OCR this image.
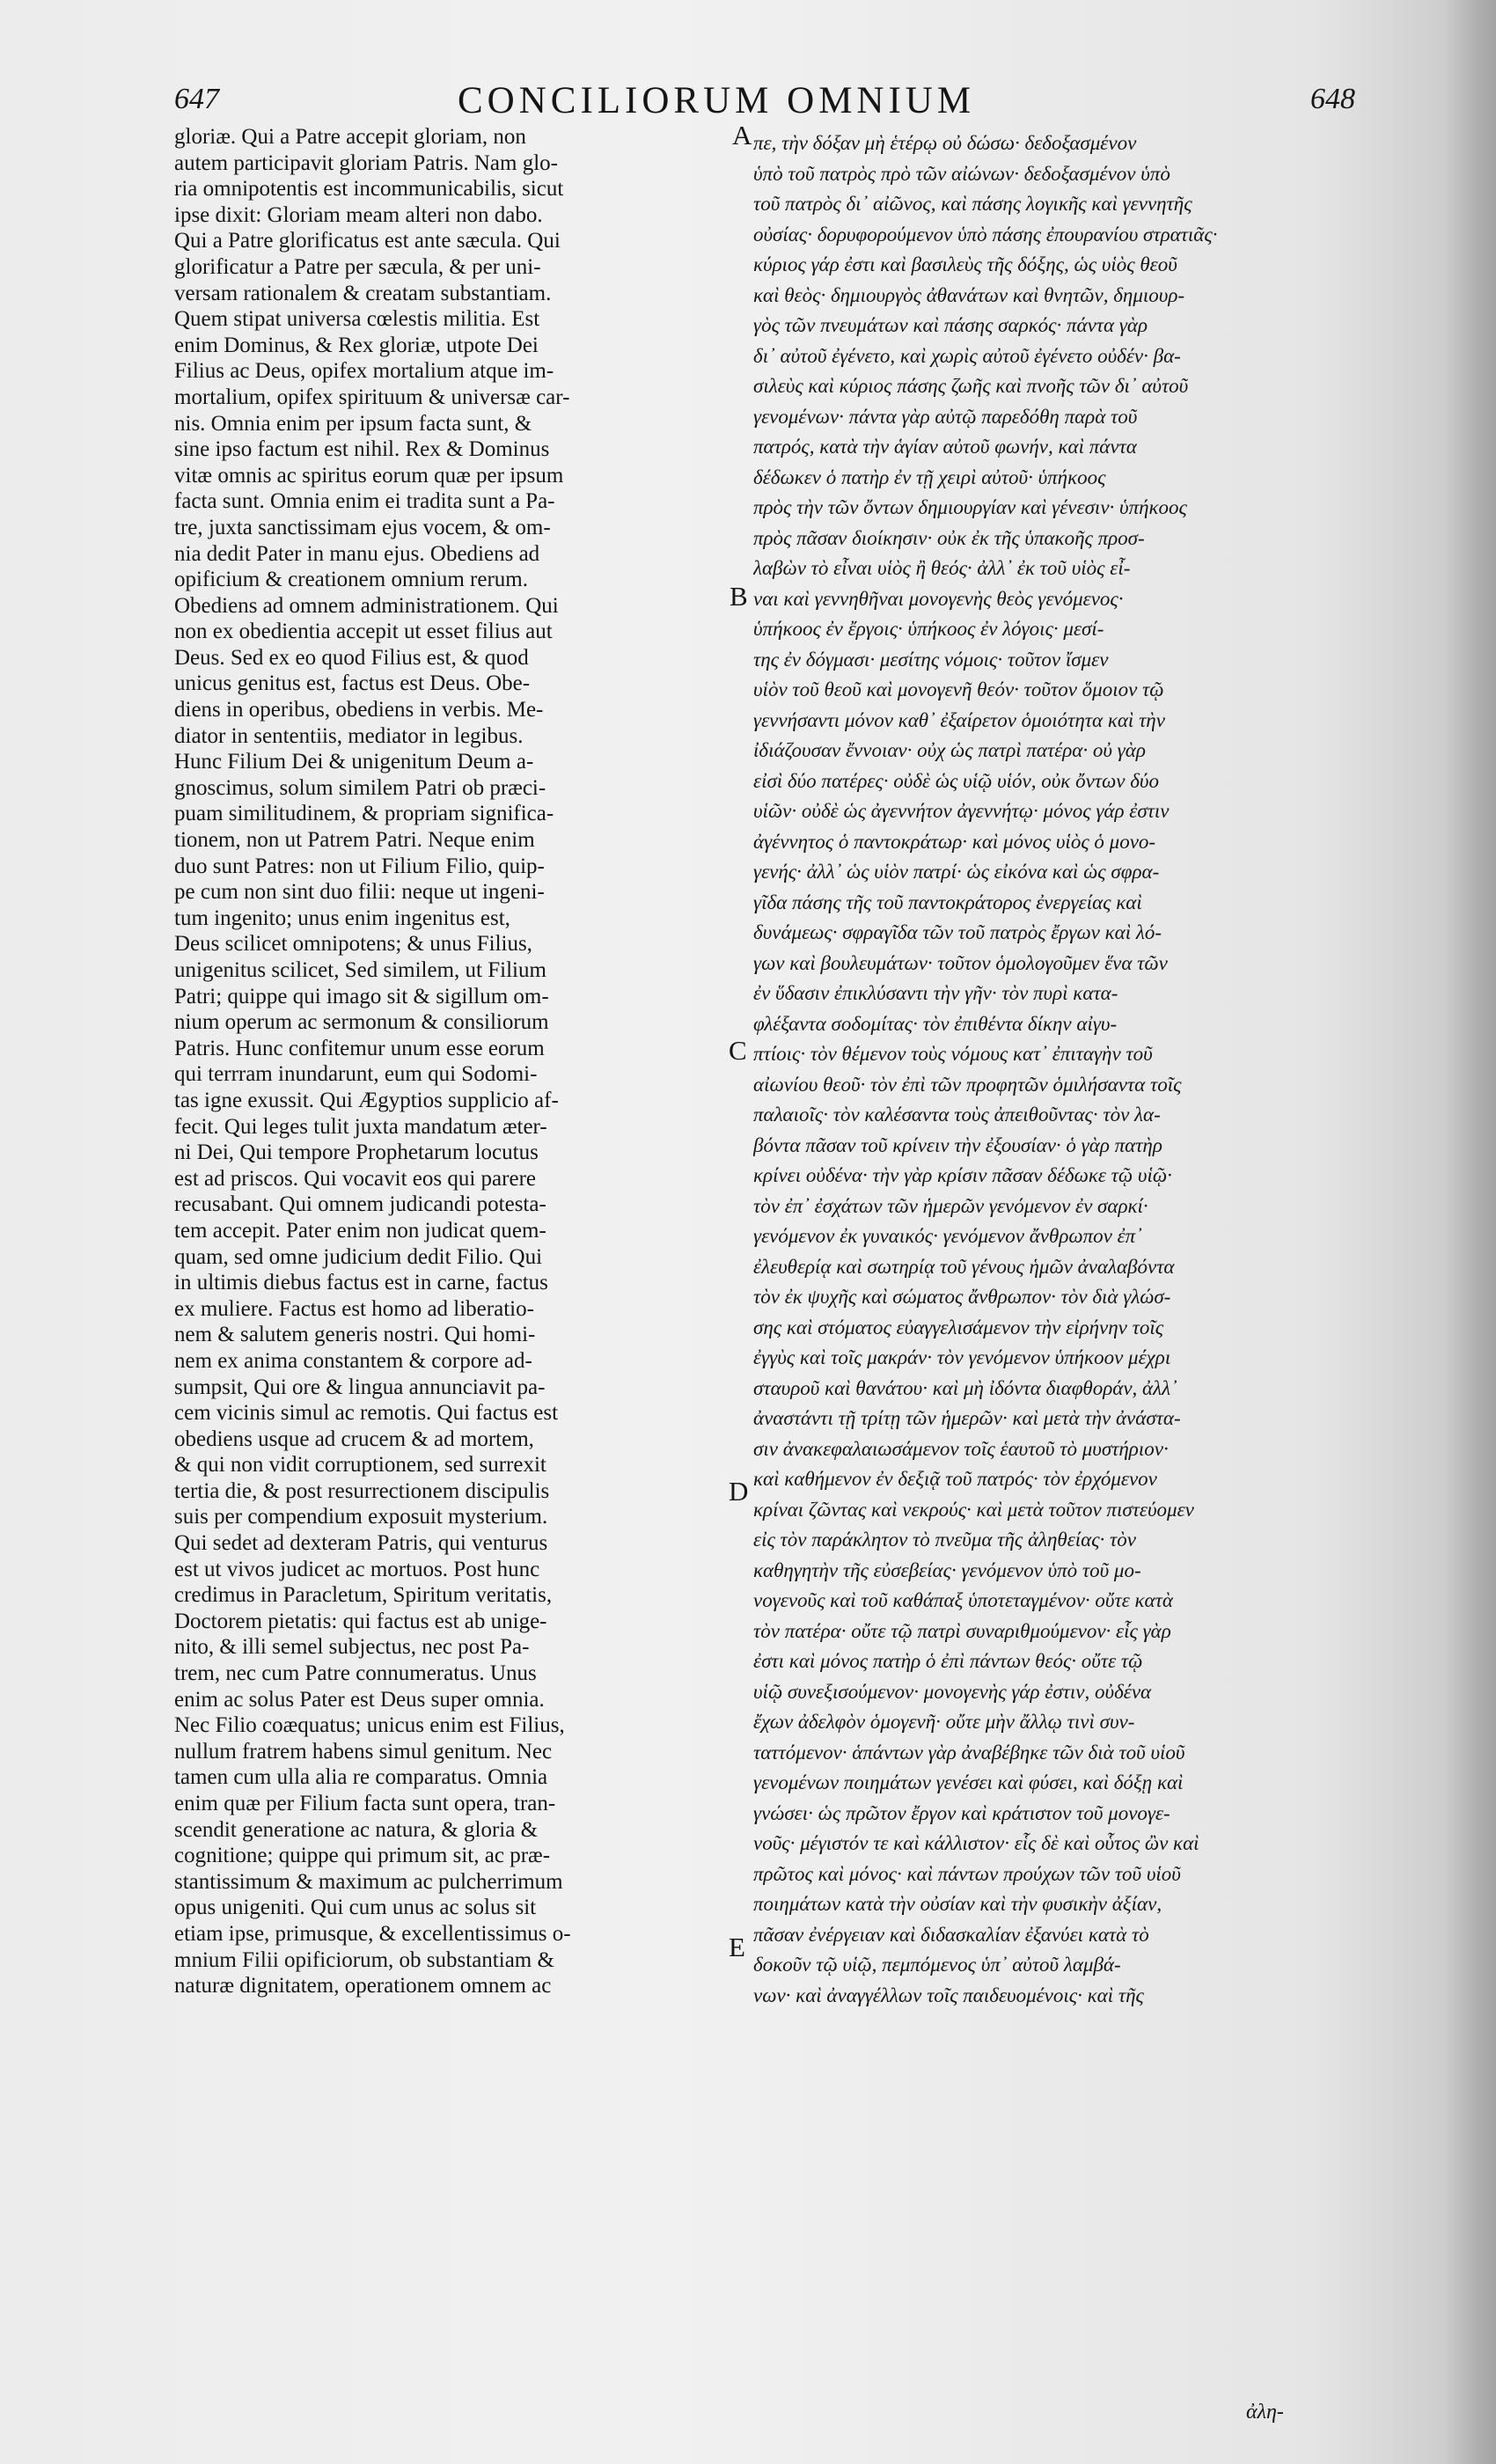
647	CONCILIORUM OMNIUM	648
gloriæ. Qui a Patre accepit gloriam, non
autem participavit gloriam Patris. Nam glo-
ria omnipotentis est incommunicabilis, sicut
ipse dixit: Gloriam meam alteri non dabo.
Qui a Patre glorificatus est ante sæcula. Qui
glorificatur a Patre per sæcula, & per uni-
versam rationalem & creatam substantiam.
Quem stipat universa cœlestis militia. Est
enim Dominus, & Rex gloriæ, utpote Dei
Filius ac Deus, opifex mortalium atque im-
mortalium, opifex spirituum & universæ car-
nis. Omnia enim per ipsum facta sunt, &
sine ipso factum est nihil. Rex & Dominus
vitæ omnis ac spiritus eorum quæ per ipsum
facta sunt. Omnia enim ei tradita sunt a Pa-
tre, juxta sanctissimam ejus vocem, & om-
nia dedit Pater in manu ejus. Obediens ad
opificium & creationem omnium rerum.
Obediens ad omnem administrationem. Qui
non ex obedientia accepit ut esset filius aut
Deus. Sed ex eo quod Filius est, & quod
unicus genitus est, factus est Deus. Obe-
diens in operibus, obediens in verbis. Me-
diator in sententiis, mediator in legibus.
Hunc Filium Dei & unigenitum Deum a-
gnoscimus, solum similem Patri ob præci-
puam similitudinem, & propriam significa-
tionem, non ut Patrem Patri. Neque enim
duo sunt Patres: non ut Filium Filio, quip-
pe cum non sint duo filii: neque ut ingeni-
tum ingenito; unus enim ingenitus est,
Deus scilicet omnipotens; & unus Filius,
unigenitus scilicet, Sed similem, ut Filium
Patri; quippe qui imago sit & sigillum om-
nium operum ac sermonum & consiliorum
Patris. Hunc confitemur unum esse eorum
qui terrram inundarunt, eum qui Sodomi-
tas igne exussit. Qui Ægyptios supplicio af-
fecit. Qui leges tulit juxta mandatum æter-
ni Dei, Qui tempore Prophetarum locutus
est ad priscos. Qui vocavit eos qui parere
recusabant. Qui omnem judicandi potesta-
tem accepit. Pater enim non judicat quem-
quam, sed omne judicium dedit Filio. Qui
in ultimis diebus factus est in carne, factus
ex muliere. Factus est homo ad liberatio-
nem & salutem generis nostri. Qui homi-
nem ex anima constantem & corpore ad-
sumpsit, Qui ore & lingua annunciavit pa-
cem vicinis simul ac remotis. Qui factus est
obediens usque ad crucem & ad mortem,
& qui non vidit corruptionem, sed surrexit
tertia die, & post resurrectionem discipulis
suis per compendium exposuit mysterium.
Qui sedet ad dexteram Patris, qui venturus
est ut vivos judicet ac mortuos. Post hunc
credimus in Paracletum, Spiritum veritatis,
Doctorem pietatis: qui factus est ab unige-
nito, & illi semel subjectus, nec post Pa-
trem, nec cum Patre connumeratus. Unus
enim ac solus Pater est Deus super omnia.
Nec Filio coæquatus; unicus enim est Filius,
nullum fratrem habens simul genitum. Nec
tamen cum ulla alia re comparatus. Omnia
enim quæ per Filium facta sunt opera, tran-
scendit generatione ac natura, & gloria &
cognitione; quippe qui primum sit, ac præ-
stantissimum & maximum ac pulcherrimum
opus unigeniti. Qui cum unus ac solus sit
etiam ipse, primusque, & excellentissimus o-
mnium Filii opificiorum, ob substantiam &
naturæ dignitatem, operationem omnem ac
πε, τὴν δόξαν μὴ ἑτέρῳ οὐ δώσω· δεδοξασμένον
ὑπὸ τοῦ πατρὸς πρὸ τῶν αἰώνων· δεδοξασμένον ὑπὸ
τοῦ πατρὸς δι᾽ αἰῶνος, καὶ πάσης λογικῆς καὶ γεννητῆς
οὐσίας· δορυφορούμενον ὑπὸ πάσης ἐπουρανίου στρατιᾶς·
κύριος γάρ ἐστι καὶ βασιλεὺς τῆς δόξης, ὡς υἱὸς θεοῦ
καὶ θεὸς· δημιουργὸς ἀθανάτων καὶ θνητῶν, δημιουρ-
γὸς τῶν πνευμάτων καὶ πάσης σαρκός· πάντα γὰρ
δι᾽ αὐτοῦ ἐγένετο, καὶ χωρὶς αὐτοῦ ἐγένετο οὐδέν· βα-
σιλεὺς καὶ κύριος πάσης ζωῆς καὶ πνοῆς τῶν δι᾽ αὐτοῦ
γενομένων· πάντα γὰρ αὐτῷ παρεδόθη παρὰ τοῦ
πατρός, κατὰ τὴν ἁγίαν αὐτοῦ φωνήν, καὶ πάντα
δέδωκεν ὁ πατὴρ ἐν τῇ χειρὶ αὐτοῦ· ὑπήκοος
πρὸς τὴν τῶν ὄντων δημιουργίαν καὶ γένεσιν· ὑπήκοος
πρὸς πᾶσαν διοίκησιν· οὐκ ἐκ τῆς ὑπακοῆς προσ-
λαβὼν τὸ εἶναι υἱὸς ἢ θεός· ἀλλ᾽ ἐκ τοῦ υἱὸς εἶ-
ναι καὶ γεννηθῆναι μονογενὴς θεὸς γενόμενος·
ὑπήκοος ἐν ἔργοις· ὑπήκοος ἐν λόγοις· μεσί-
της ἐν δόγμασι· μεσίτης νόμοις· τοῦτον ἴσμεν
υἱὸν τοῦ θεοῦ καὶ μονογενῆ θεόν· τοῦτον ὅμοιον τῷ
γεννήσαντι μόνον καθ᾽ ἐξαίρετον ὁμοιότητα καὶ τὴν
ἰδιάζουσαν ἔννοιαν· οὐχ ὡς πατρὶ πατέρα· οὐ γὰρ
εἰσὶ δύο πατέρες· οὐδὲ ὡς υἱῷ υἱόν, οὐκ ὄντων δύο
υἱῶν· οὐδὲ ὡς ἀγεννήτον ἀγεννήτῳ· μόνος γάρ ἐστιν
ἀγέννητος ὁ παντοκράτωρ· καὶ μόνος υἱὸς ὁ μονο-
γενής· ἀλλ᾽ ὡς υἱὸν πατρί· ὡς εἰκόνα καὶ ὡς σφρα-
γῖδα πάσης τῆς τοῦ παντοκράτορος ἐνεργείας καὶ
δυνάμεως· σφραγῖδα τῶν τοῦ πατρὸς ἔργων καὶ λό-
γων καὶ βουλευμάτων· τοῦτον ὁμολογοῦμεν ἕνα τῶν
ἐν ὕδασιν ἐπικλύσαντι τὴν γῆν· τὸν πυρὶ κατα-
φλέξαντα σοδομίτας· τὸν ἐπιθέντα δίκην αἰγυ-
πτίοις· τὸν θέμενον τοὺς νόμους κατ᾽ ἐπιταγὴν τοῦ
αἰωνίου θεοῦ· τὸν ἐπὶ τῶν προφητῶν ὁμιλήσαντα τοῖς
παλαιοῖς· τὸν καλέσαντα τοὺς ἀπειθοῦντας· τὸν λα-
βόντα πᾶσαν τοῦ κρίνειν τὴν ἐξουσίαν· ὁ γὰρ πατὴρ
κρίνει οὐδένα· τὴν γὰρ κρίσιν πᾶσαν δέδωκε τῷ υἱῷ·
τὸν ἐπ᾽ ἐσχάτων τῶν ἡμερῶν γενόμενον ἐν σαρκί·
γενόμενον ἐκ γυναικός· γενόμενον ἄνθρωπον ἐπ᾽
ἐλευθερίᾳ καὶ σωτηρίᾳ τοῦ γένους ἡμῶν ἀναλαβόντα
τὸν ἐκ ψυχῆς καὶ σώματος ἄνθρωπον· τὸν διὰ γλώσ-
σης καὶ στόματος εὐαγγελισάμενον τὴν εἰρήνην τοῖς
ἐγγὺς καὶ τοῖς μακράν· τὸν γενόμενον ὑπήκοον μέχρι
σταυροῦ καὶ θανάτου· καὶ μὴ ἰδόντα διαφθοράν, ἀλλ᾽
ἀναστάντι τῇ τρίτῃ τῶν ἡμερῶν· καὶ μετὰ τὴν ἀνάστα-
σιν ἀνακεφαλαιωσάμενον τοῖς ἑαυτοῦ τὸ μυστήριον·
καὶ καθήμενον ἐν δεξιᾷ τοῦ πατρός· τὸν ἐρχόμενον
κρίναι ζῶντας καὶ νεκρούς· καὶ μετὰ τοῦτον πιστεύομεν
εἰς τὸν παράκλητον τὸ πνεῦμα τῆς ἀληθείας· τὸν
καθηγητὴν τῆς εὐσεβείας· γενόμενον ὑπὸ τοῦ μο-
νογενοῦς καὶ τοῦ καθάπαξ ὑποτεταγμένον· οὔτε κατὰ
τὸν πατέρα· οὔτε τῷ πατρὶ συναριθμούμενον· εἷς γὰρ
ἐστι καὶ μόνος πατὴρ ὁ ἐπὶ πάντων θεός· οὔτε τῷ
υἱῷ συνεξισούμενον· μονογενὴς γάρ ἐστιν, οὐδένα
ἔχων ἀδελφὸν ὁμογενῆ· οὔτε μὴν ἄλλῳ τινὶ συν-
ταττόμενον· ἁπάντων γὰρ ἀναβέβηκε τῶν διὰ τοῦ υἱοῦ
γενομένων ποιημάτων γενέσει καὶ φύσει, καὶ δόξῃ καὶ
γνώσει· ὡς πρῶτον ἔργον καὶ κράτιστον τοῦ μονογε-
νοῦς· μέγιστόν τε καὶ κάλλιστον· εἷς δὲ καὶ οὗτος ὢν καὶ
πρῶτος καὶ μόνος· καὶ πάντων προύχων τῶν τοῦ υἱοῦ
ποιημάτων κατὰ τὴν οὐσίαν καὶ τὴν φυσικὴν ἀξίαν,
πᾶσαν ἐνέργειαν καὶ διδασκαλίαν ἐξανύει κατὰ τὸ
δοκοῦν τῷ υἱῷ, πεμπόμενος ὑπ᾽ αὐτοῦ λαμβά-
νων· καὶ ἀναγγέλλων τοῖς παιδευομένοις· καὶ τῆς
ἀλη-
A
B
C
D
E
